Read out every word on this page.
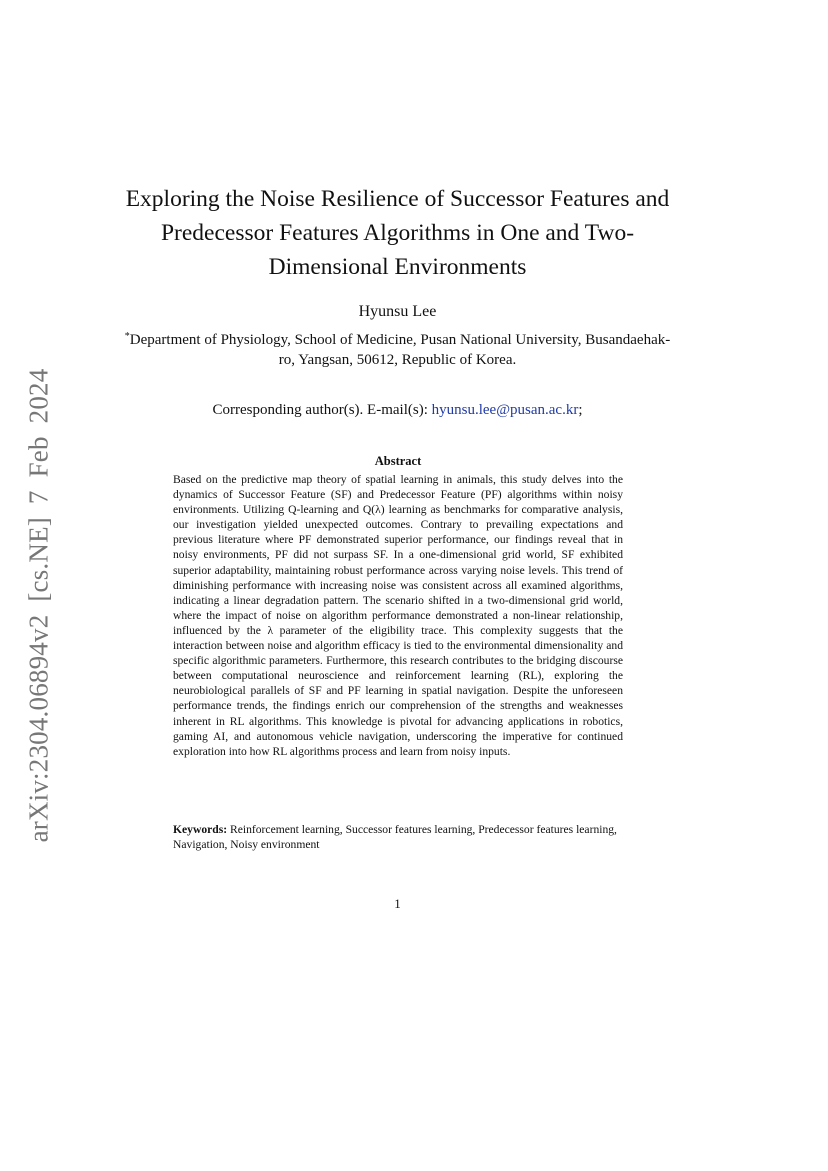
arXiv:2304.06894v2 [cs.NE] 7 Feb 2024
Exploring the Noise Resilience of Successor Features and Predecessor Features Algorithms in One and Two-Dimensional Environments
Hyunsu Lee
*Department of Physiology, School of Medicine, Pusan National University, Busandaehak-ro, Yangsan, 50612, Republic of Korea.
Corresponding author(s). E-mail(s): hyunsu.lee@pusan.ac.kr;
Abstract
Based on the predictive map theory of spatial learning in animals, this study delves into the dynamics of Successor Feature (SF) and Predecessor Feature (PF) algorithms within noisy environments. Utilizing Q-learning and Q(λ) learning as benchmarks for comparative analysis, our investigation yielded unexpected outcomes. Contrary to prevailing expectations and previous literature where PF demonstrated superior performance, our findings reveal that in noisy environments, PF did not surpass SF. In a one-dimensional grid world, SF exhibited superior adaptability, maintaining robust performance across varying noise levels. This trend of diminishing performance with increasing noise was consistent across all examined algorithms, indicating a linear degradation pattern. The scenario shifted in a two-dimensional grid world, where the impact of noise on algorithm performance demonstrated a non-linear relationship, influenced by the λ parameter of the eligibility trace. This complexity suggests that the interaction between noise and algorithm efficacy is tied to the environmental dimensionality and specific algorithmic parameters. Furthermore, this research contributes to the bridging discourse between computational neuroscience and reinforcement learning (RL), exploring the neurobiological parallels of SF and PF learning in spatial navigation. Despite the unforeseen performance trends, the findings enrich our comprehension of the strengths and weaknesses inherent in RL algorithms. This knowledge is pivotal for advancing applications in robotics, gaming AI, and autonomous vehicle navigation, underscoring the imperative for continued exploration into how RL algorithms process and learn from noisy inputs.
Keywords: Reinforcement learning, Successor features learning, Predecessor features learning, Navigation, Noisy environment
1
